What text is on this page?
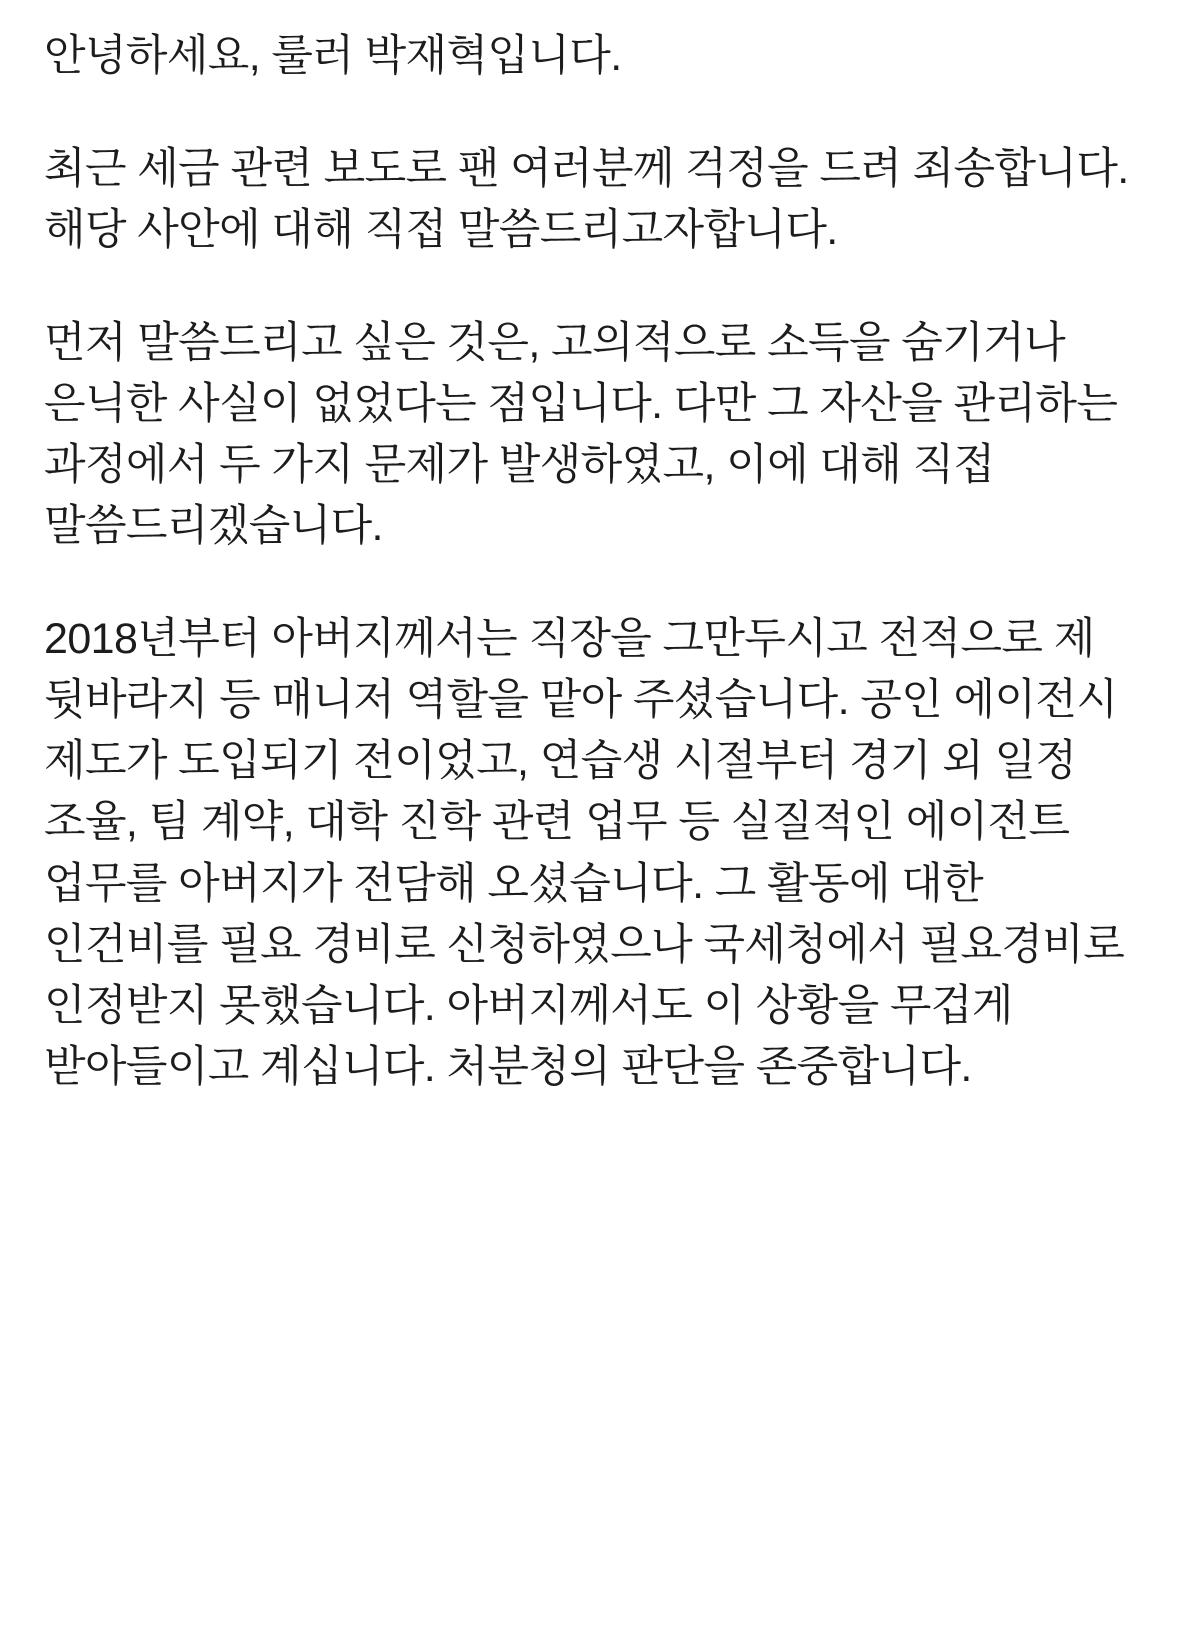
안녕하세요, 룰러 박재혁입니다.

최근 세금 관련 보도로 팬 여러분께 걱정을 드려 죄송합니다. 해당 사안에 대해 직접 말씀드리고자합니다.

먼저 말씀드리고 싶은 것은, 고의적으로 소득을 숨기거나 은닉한 사실이 없었다는 점입니다. 다만 그 자산을 관리하는 과정에서 두 가지 문제가 발생하였고, 이에 대해 직접 말씀드리겠습니다.

2018년부터 아버지께서는 직장을 그만두시고 전적으로 제 뒷바라지 등 매니저 역할을 맡아 주셨습니다. 공인 에이전시 제도가 도입되기 전이었고, 연습생 시절부터 경기 외 일정 조율, 팀 계약, 대학 진학 관련 업무 등 실질적인 에이전트 업무를 아버지가 전담해 오셨습니다. 그 활동에 대한 인건비를 필요 경비로 신청하였으나 국세청에서 필요경비로 인정받지 못했습니다. 아버지께서도 이 상황을 무겁게 받아들이고 계십니다. 처분청의 판단을 존중합니다.
